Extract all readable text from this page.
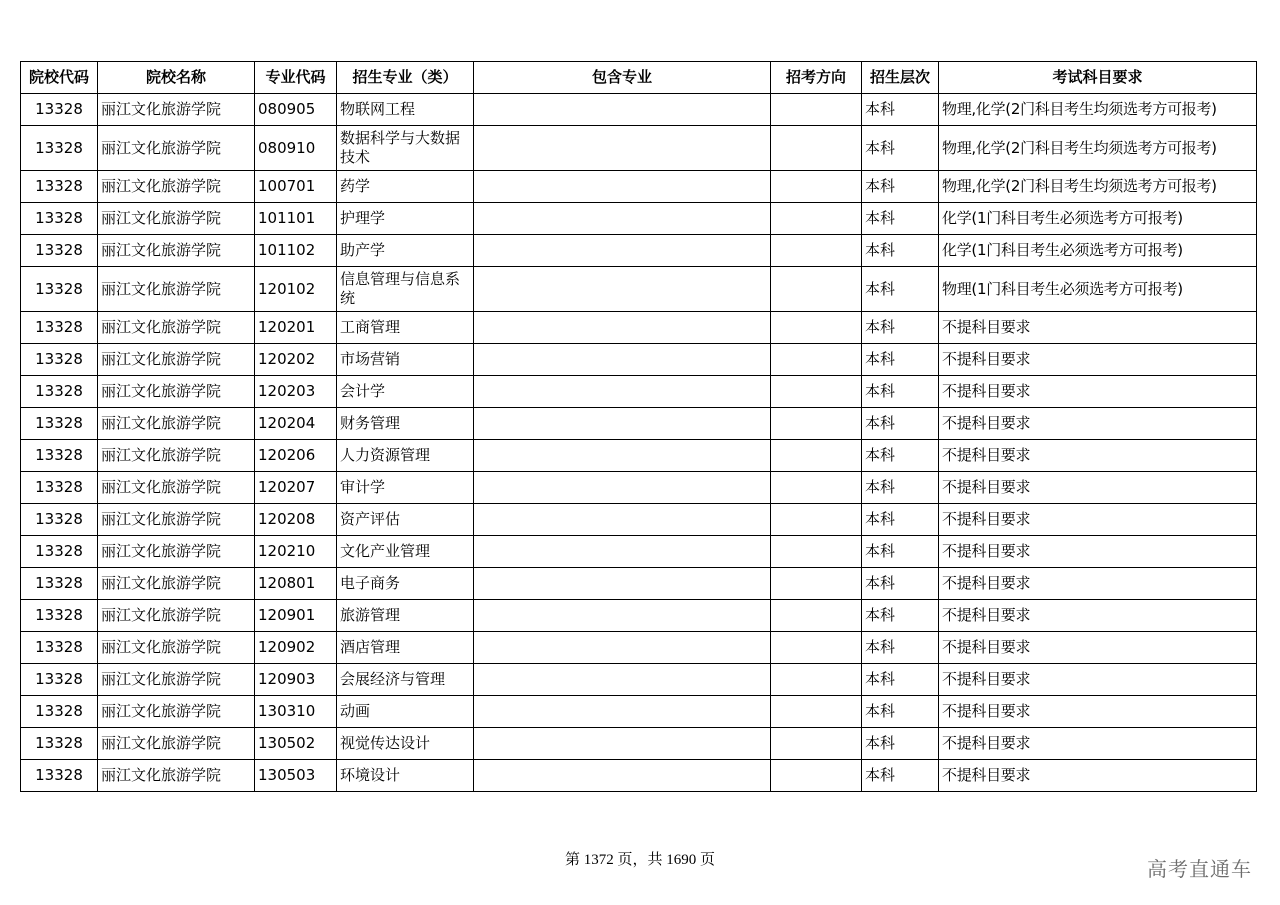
院校代码	院校名称	专业代码	招生专业（类）	包含专业	招考方向	招生层次	考试科目要求
13328	丽江文化旅游学院	080905	物联网工程			本科	物理,化学(2门科目考生均须选考方可报考)
13328	丽江文化旅游学院	080910	数据科学与大数据技术			本科	物理,化学(2门科目考生均须选考方可报考)
13328	丽江文化旅游学院	100701	药学			本科	物理,化学(2门科目考生均须选考方可报考)
13328	丽江文化旅游学院	101101	护理学			本科	化学(1门科目考生必须选考方可报考)
13328	丽江文化旅游学院	101102	助产学			本科	化学(1门科目考生必须选考方可报考)
13328	丽江文化旅游学院	120102	信息管理与信息系统			本科	物理(1门科目考生必须选考方可报考)
13328	丽江文化旅游学院	120201	工商管理			本科	不提科目要求
13328	丽江文化旅游学院	120202	市场营销			本科	不提科目要求
13328	丽江文化旅游学院	120203	会计学			本科	不提科目要求
13328	丽江文化旅游学院	120204	财务管理			本科	不提科目要求
13328	丽江文化旅游学院	120206	人力资源管理			本科	不提科目要求
13328	丽江文化旅游学院	120207	审计学			本科	不提科目要求
13328	丽江文化旅游学院	120208	资产评估			本科	不提科目要求
13328	丽江文化旅游学院	120210	文化产业管理			本科	不提科目要求
13328	丽江文化旅游学院	120801	电子商务			本科	不提科目要求
13328	丽江文化旅游学院	120901	旅游管理			本科	不提科目要求
13328	丽江文化旅游学院	120902	酒店管理			本科	不提科目要求
13328	丽江文化旅游学院	120903	会展经济与管理			本科	不提科目要求
13328	丽江文化旅游学院	130310	动画			本科	不提科目要求
13328	丽江文化旅游学院	130502	视觉传达设计			本科	不提科目要求
13328	丽江文化旅游学院	130503	环境设计			本科	不提科目要求
第 1372 页，共 1690 页	高考直通车
